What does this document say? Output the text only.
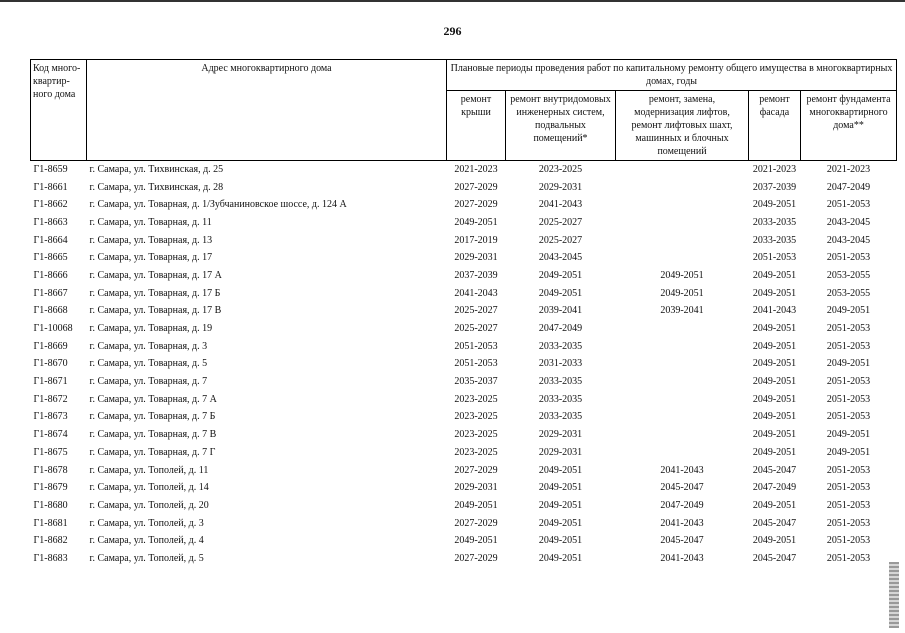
296
Код много-квартир-ного дома	Адрес многоквартирного дома	Плановые периоды проведения работ по капитальному ремонту общего имущества в многоквартирных домах, годы				
		ремонт крыши	ремонт внутридомовых инженерных систем, подвальных помещений*	ремонт, замена, модернизация лифтов, ремонт лифтовых шахт, машинных и блочных помещений	ремонт фасада	ремонт фундамента многоквартирного дома**
Г1-8659	г. Самара, ул. Тихвинская, д. 25	2021-2023	2023-2025		2021-2023	2021-2023
Г1-8661	г. Самара, ул. Тихвинская, д. 28	2027-2029	2029-2031		2037-2039	2047-2049
Г1-8662	г. Самара, ул. Товарная, д. 1/Зубчаниновское шоссе, д. 124 А	2027-2029	2041-2043		2049-2051	2051-2053
Г1-8663	г. Самара, ул. Товарная, д. 11	2049-2051	2025-2027		2033-2035	2043-2045
Г1-8664	г. Самара, ул. Товарная, д. 13	2017-2019	2025-2027		2033-2035	2043-2045
Г1-8665	г. Самара, ул. Товарная, д. 17	2029-2031	2043-2045		2051-2053	2051-2053
Г1-8666	г. Самара, ул. Товарная, д. 17 А	2037-2039	2049-2051	2049-2051	2049-2051	2053-2055
Г1-8667	г. Самара, ул. Товарная, д. 17 Б	2041-2043	2049-2051	2049-2051	2049-2051	2053-2055
Г1-8668	г. Самара, ул. Товарная, д. 17 В	2025-2027	2039-2041	2039-2041	2041-2043	2049-2051
Г1-10068	г. Самара, ул. Товарная, д. 19	2025-2027	2047-2049		2049-2051	2051-2053
Г1-8669	г. Самара, ул. Товарная, д. 3	2051-2053	2033-2035		2049-2051	2051-2053
Г1-8670	г. Самара, ул. Товарная, д. 5	2051-2053	2031-2033		2049-2051	2049-2051
Г1-8671	г. Самара, ул. Товарная, д. 7	2035-2037	2033-2035		2049-2051	2051-2053
Г1-8672	г. Самара, ул. Товарная, д. 7 А	2023-2025	2033-2035		2049-2051	2051-2053
Г1-8673	г. Самара, ул. Товарная, д. 7 Б	2023-2025	2033-2035		2049-2051	2051-2053
Г1-8674	г. Самара, ул. Товарная, д. 7 В	2023-2025	2029-2031		2049-2051	2049-2051
Г1-8675	г. Самара, ул. Товарная, д. 7 Г	2023-2025	2029-2031		2049-2051	2049-2051
Г1-8678	г. Самара, ул. Тополей, д. 11	2027-2029	2049-2051	2041-2043	2045-2047	2051-2053
Г1-8679	г. Самара, ул. Тополей, д. 14	2029-2031	2049-2051	2045-2047	2047-2049	2051-2053
Г1-8680	г. Самара, ул. Тополей, д. 20	2049-2051	2049-2051	2047-2049	2049-2051	2051-2053
Г1-8681	г. Самара, ул. Тополей, д. 3	2027-2029	2049-2051	2041-2043	2045-2047	2051-2053
Г1-8682	г. Самара, ул. Тополей, д. 4	2049-2051	2049-2051	2045-2047	2049-2051	2051-2053
Г1-8683	г. Самара, ул. Тополей, д. 5	2027-2029	2049-2051	2041-2043	2045-2047	2051-2053
